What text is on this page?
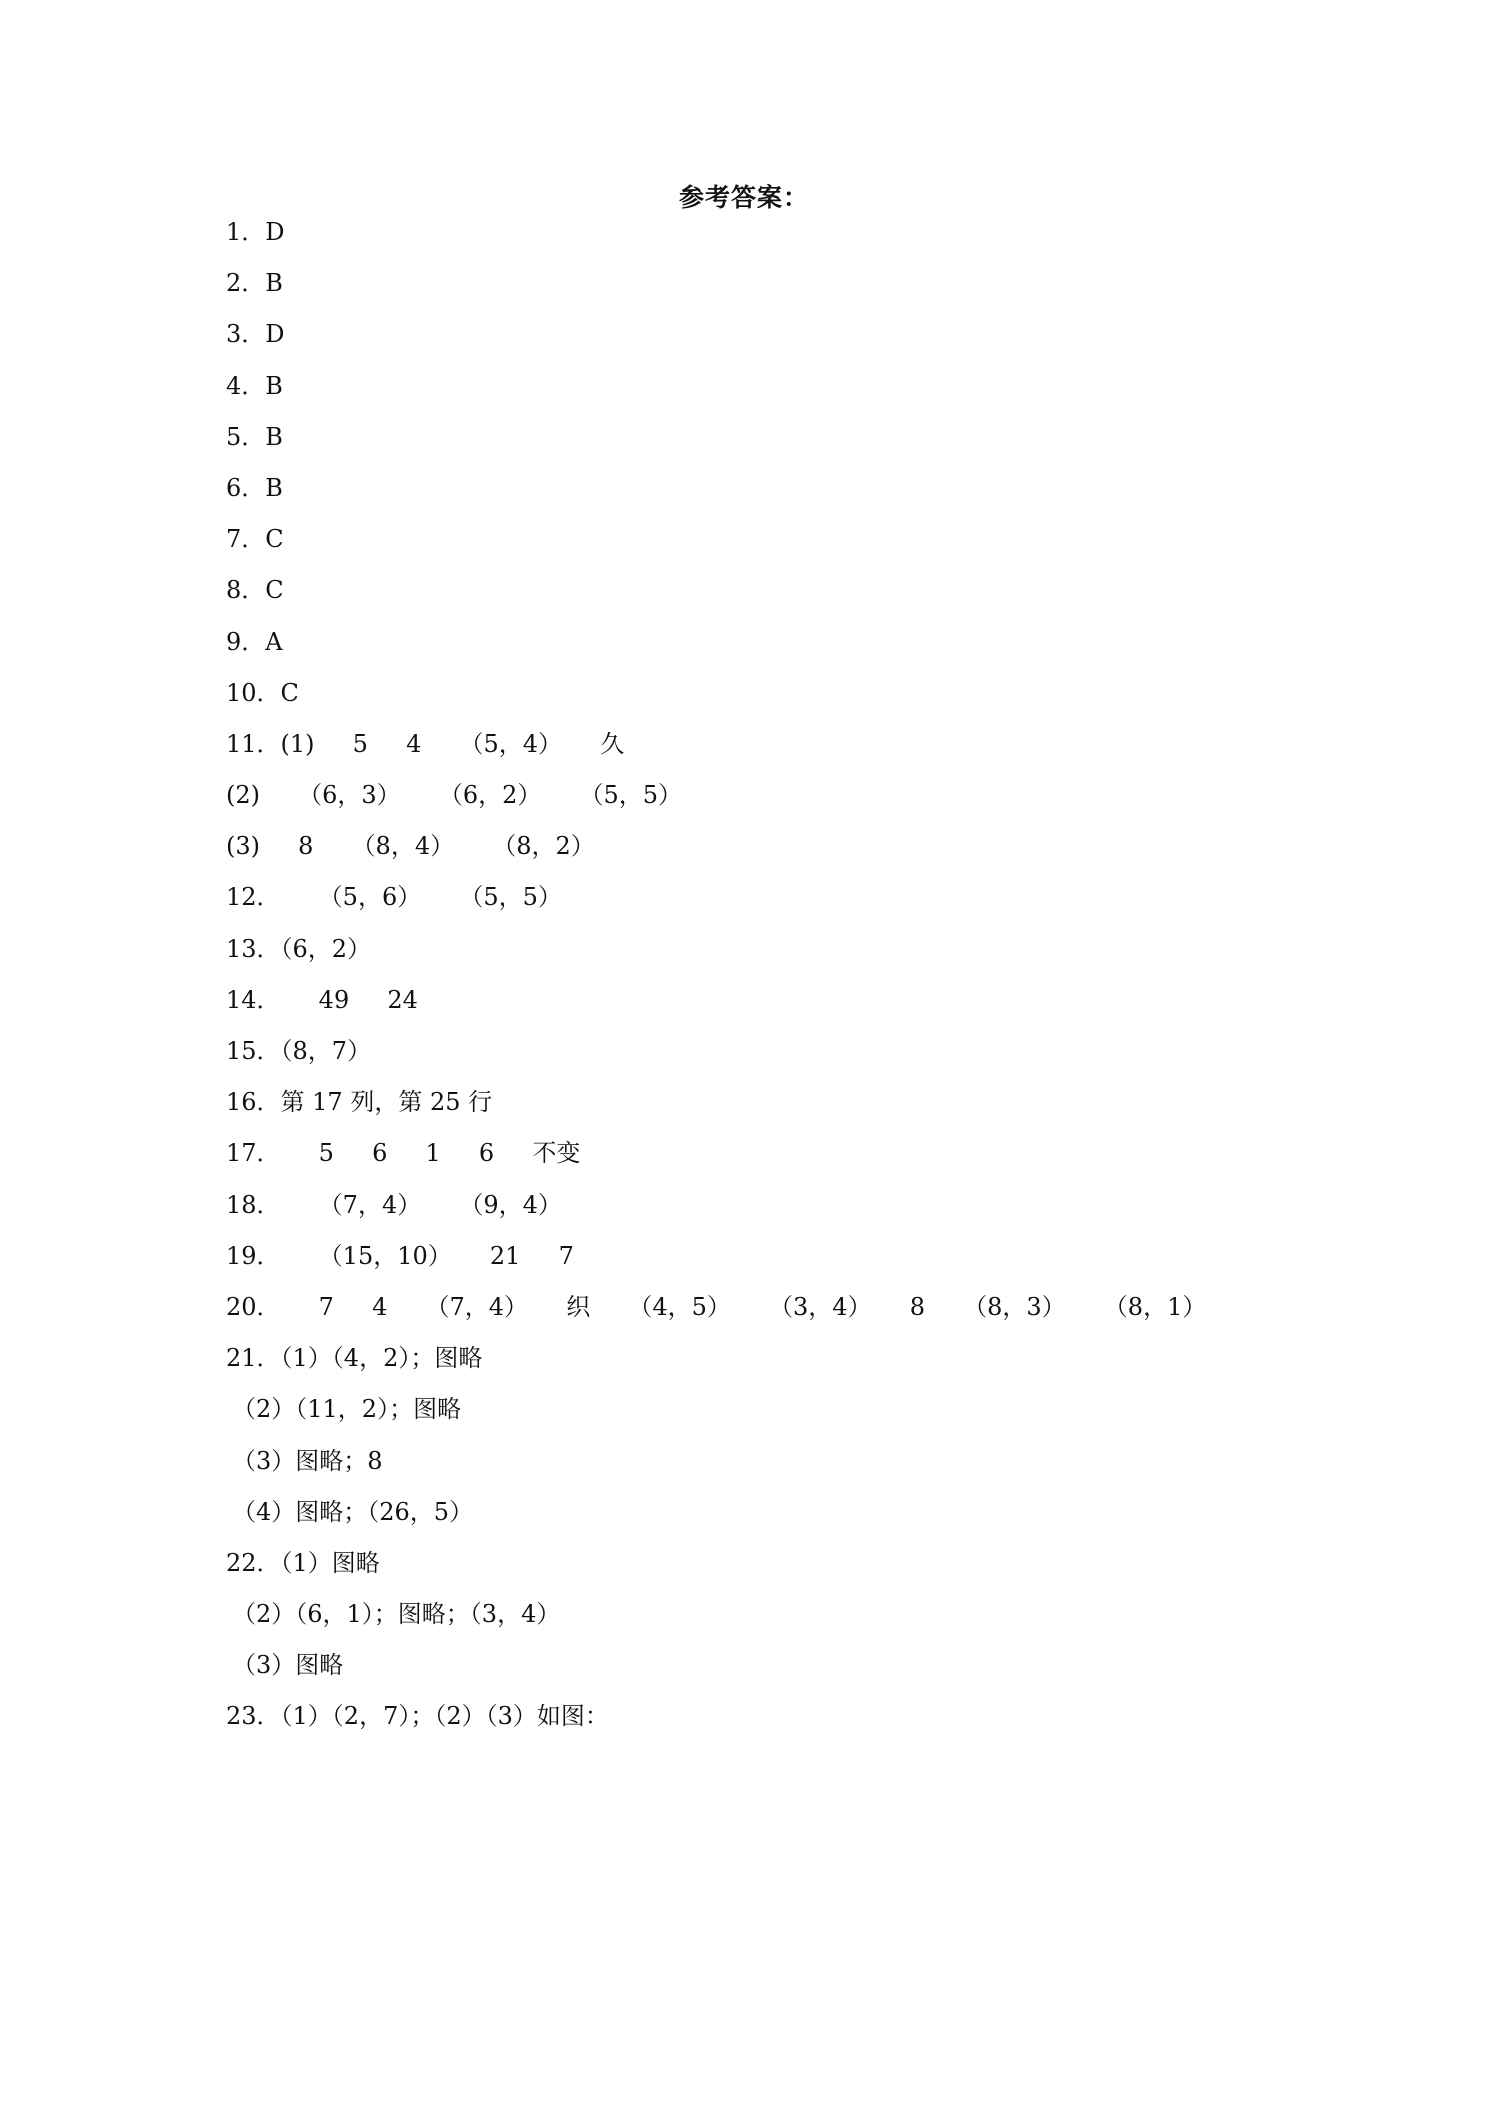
参考答案：
1．D
2．B
3．D
4．B
5．B
6．B
7．C
8．C
9．A
10．C
11．(1)     5     4     （5，4）     久
(2)     （6，3）     （6，2）     （5，5）
(3)     8     （8，4）     （8，2）
12．     （5，6）     （5，5）
13．（6，2）
14．     49     24
15．（8，7）
16．第 17 列，第 25 行
17．     5     6     1     6     不变
18．     （7，4）     （9，4）
19．     （15，10）     21     7
20．     7     4     （7，4）     织     （4，5）     （3，4）     8     （8，3）     （8，1）
21．（1）（4，2）；图略
（2）（11，2）；图略
（3）图略；8
（4）图略；（26，5）
22．（1）图略
（2）（6，1）；图略；（3，4）
（3）图略
23．（1）（2，7）；（2）（3）如图：
